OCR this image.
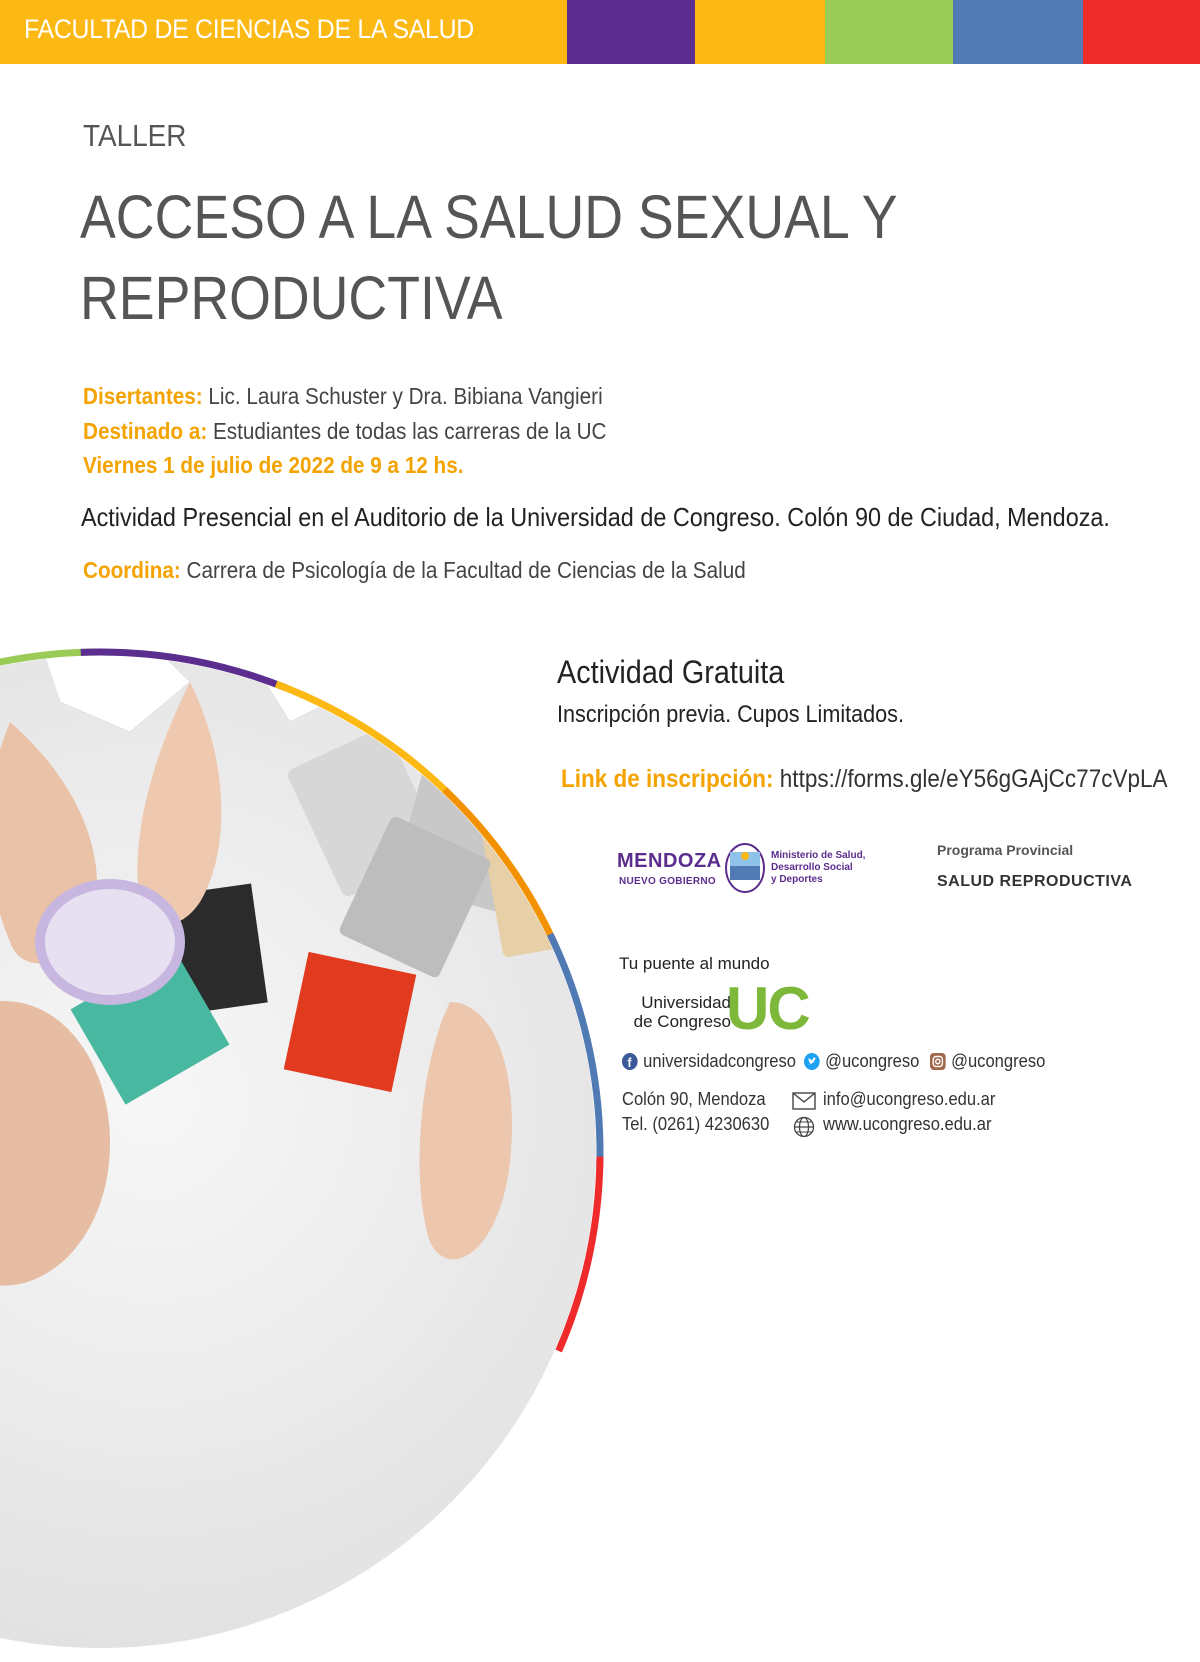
FACULTAD DE CIENCIAS DE LA SALUD
TALLER
ACCESO A LA SALUD SEXUAL Y
REPRODUCTIVA
Disertantes: Lic. Laura Schuster y Dra. Bibiana Vangieri
Destinado a: Estudiantes de todas las carreras de la UC
Viernes 1 de julio de 2022 de 9 a 12 hs.
Actividad Presencial en el Auditorio de la Universidad de Congreso. Colón 90 de Ciudad, Mendoza.
Coordina: Carrera de Psicología de la Facultad de Ciencias de la Salud
Actividad Gratuita
Inscripción previa. Cupos Limitados.
Link de inscripción: https://forms.gle/eY56gGAjCc77cVpLA
MENDOZA
NUEVO GOBIERNO
Ministerio de Salud,
Desarrollo Social
y Deportes
Programa Provincial
SALUD REPRODUCTIVA
Tu puente al mundo
Universidad
de Congreso
UC
f universidadcongreso @ucongreso @ucongreso
Colón 90, Mendoza
Tel. (0261) 4230630
info@ucongreso.edu.ar
www.ucongreso.edu.ar
